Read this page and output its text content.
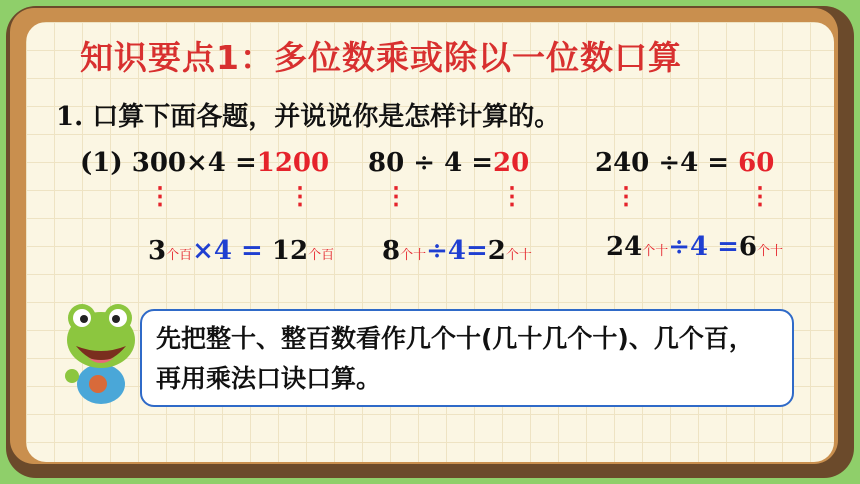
知识要点1：多位数乘或除以一位数口算
1. 口算下面各题，并说说你是怎样计算的。
(1) 300×4 =1200 80 ÷ 4 =20	240 ÷4 = 60
⋮	⋮	⋮	⋮	⋮	⋮
3个百×4 = 12个百 8个十÷4=2个十	24个十÷4 =6个十
先把整十、整百数看作几个十(几十几个十)、几个百，再用乘法口诀口算。
